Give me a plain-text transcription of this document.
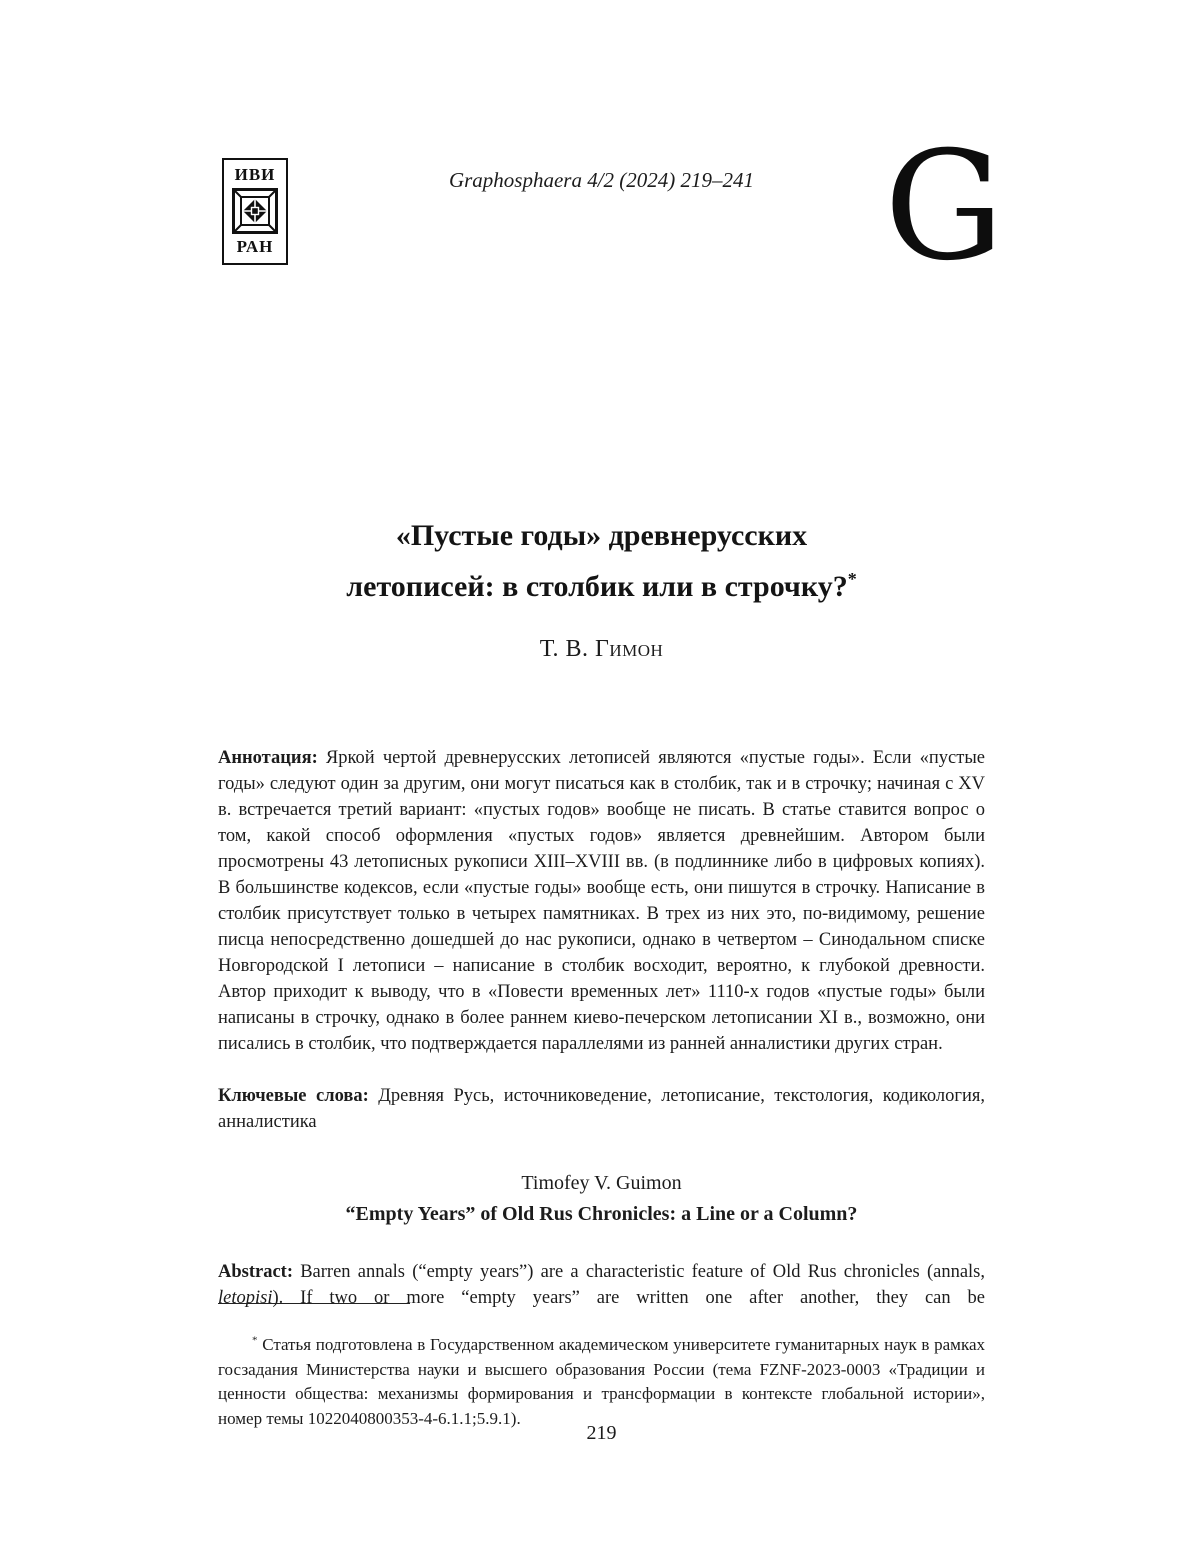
ИВИ
РАН
Graphosphaera 4/2 (2024) 219–241 G
«Пустые годы» древнерусских
летописей: в столбик или в строчку?*
Т. В. Гимон

Аннотация: Яркой чертой древнерусских летописей являются «пустые годы». Если «пустые годы» следуют один за другим, они могут писаться как в столбик, так и в строчку; начиная с XV в. встречается третий вариант: «пустых годов» вообще не писать. В статье ставится вопрос о том, какой способ оформления «пустых годов» является древнейшим. Автором были просмотрены 43 летописных рукописи XIII–XVIII вв. (в подлиннике либо в цифровых копиях). В большинстве кодексов, если «пустые годы» вообще есть, они пишутся в строчку. Написание в столбик присутствует только в четырех памятниках. В трех из них это, по-видимому, решение писца непосредственно дошедшей до нас рукописи, однако в четвертом – Синодальном списке Новгородской I летописи – написание в столбик восходит, вероятно, к глубокой древности. Автор приходит к выводу, что в «Повести временных лет» 1110-х годов «пустые годы» были написаны в строчку, однако в более раннем киево-печерском летописании XI в., возможно, они писались в столбик, что подтверждается параллелями из ранней анналистики других стран.

Ключевые слова: Древняя Русь, источниковедение, летописание, текстология, кодикология, анналистика

Timofey V. Guimon
“Empty Years” of Old Rus Chronicles: a Line or a Column?

Abstract: Barren annals (“empty years”) are a characteristic feature of Old Rus chronicles (annals, letopisi). If two or more “empty years” are written one after another, they can be

* Статья подготовлена в Государственном академическом университете гуманитарных наук в рамках госзадания Министерства науки и высшего образования России (тема FZNF-2023-0003 «Традиции и ценности общества: механизмы формирования и трансформации в контексте глобальной истории», номер темы 1022040800353-4-6.1.1;5.9.1).

219
